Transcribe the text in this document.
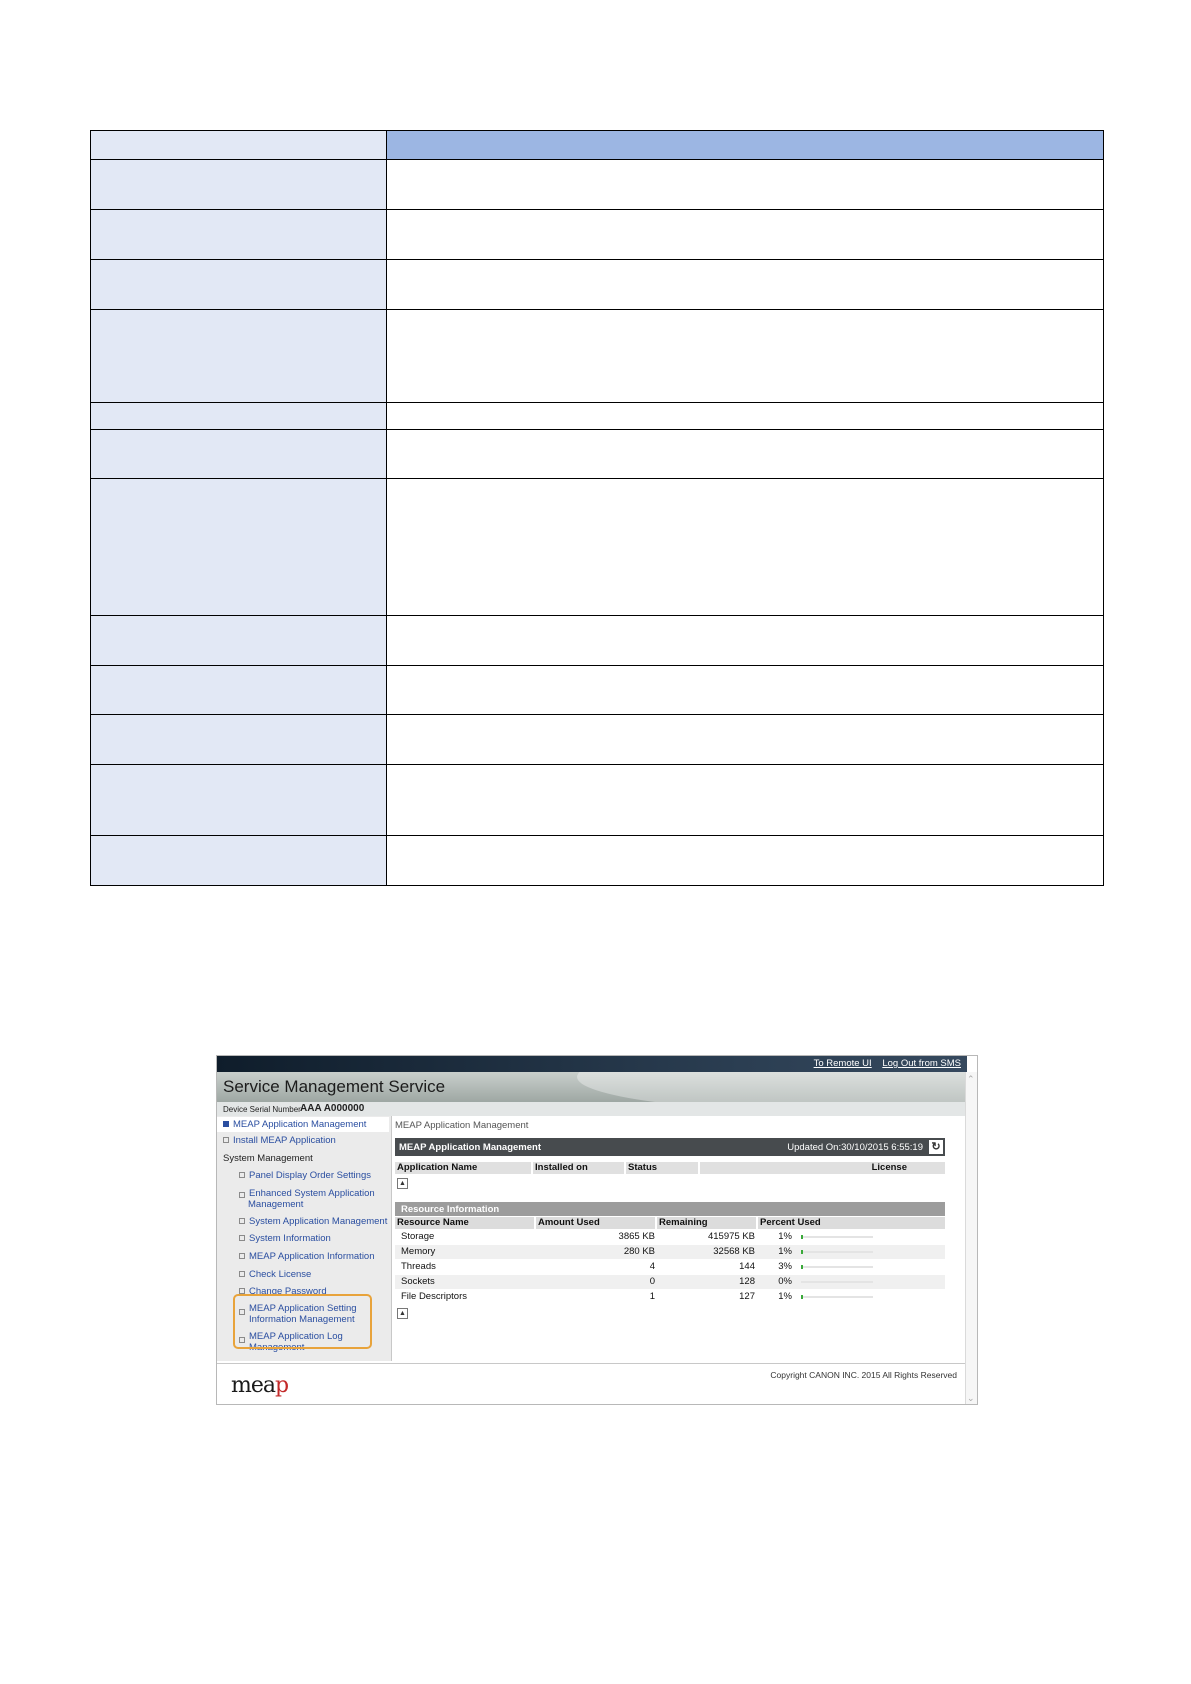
To Remote UI Log Out from SMS
Service Management Service
Device Serial Number AAA A000000
MEAP Application Management
Install MEAP Application
System Management
Panel Display Order Settings
Enhanced System Application Management
System Application Management
System Information
MEAP Application Information
Check License
Change Password
MEAP Application Setting Information Management
MEAP Application Log Management
MEAP Application Management
MEAP Application Management	Updated On:30/10/2015 6:55:19 ↻
Application Name	Installed on	Status	License
▲
Resource Information
Resource Name	Amount Used	Remaining	Percent Used
Storage	3865 KB	415975 KB 1%
Memory	280 KB	32568 KB 1%
Threads	4	144 3%
Sockets	0	128 0%
File Descriptors	1	127 1%
▲
meap	Copyright CANON INC. 2015 All Rights Reserved
⌃
⌄
